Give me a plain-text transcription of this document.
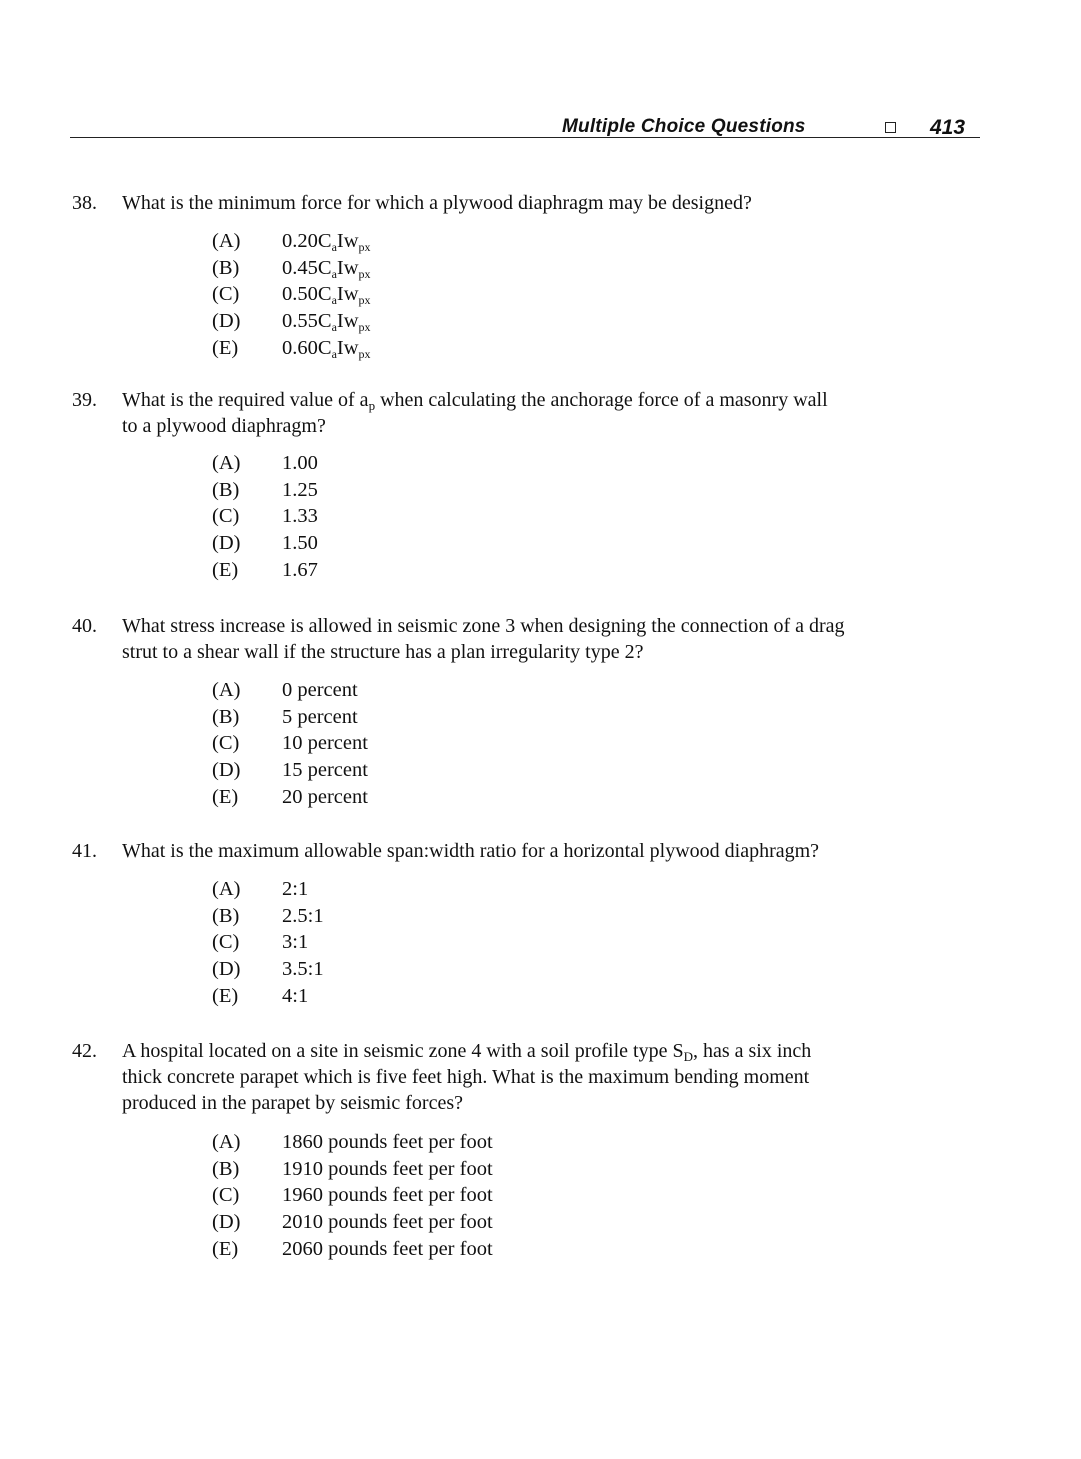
Multiple Choice Questions	413
38. What is the minimum force for which a plywood diaphragm may be designed?
(A) $0.20C_aIw_{px}$
(B) $0.45C_aIw_{px}$
(C) $0.50C_aIw_{px}$
(D) $0.55C_aIw_{px}$
(E) $0.60C_aIw_{px}$
39. What is the required value of $a_p$ when calculating the anchorage force of a masonry wall
to a plywood diaphragm?
(A) 1.00
(B) 1.25
(C) 1.33
(D) 1.50
(E) 1.67
40. What stress increase is allowed in seismic zone 3 when designing the connection of a drag
strut to a shear wall if the structure has a plan irregularity type 2?
(A) 0 percent
(B) 5 percent
(C) 10 percent
(D) 15 percent
(E) 20 percent
41. What is the maximum allowable span:width ratio for a horizontal plywood diaphragm?
(A) 2:1
(B) 2.5:1
(C) 3:1
(D) 3.5:1
(E) 4:1
42. A hospital located on a site in seismic zone 4 with a soil profile type $S_D$, has a six inch
thick concrete parapet which is five feet high. What is the maximum bending moment
produced in the parapet by seismic forces?
(A) 1860 pounds feet per foot
(B) 1910 pounds feet per foot
(C) 1960 pounds feet per foot
(D) 2010 pounds feet per foot
(E) 2060 pounds feet per foot
